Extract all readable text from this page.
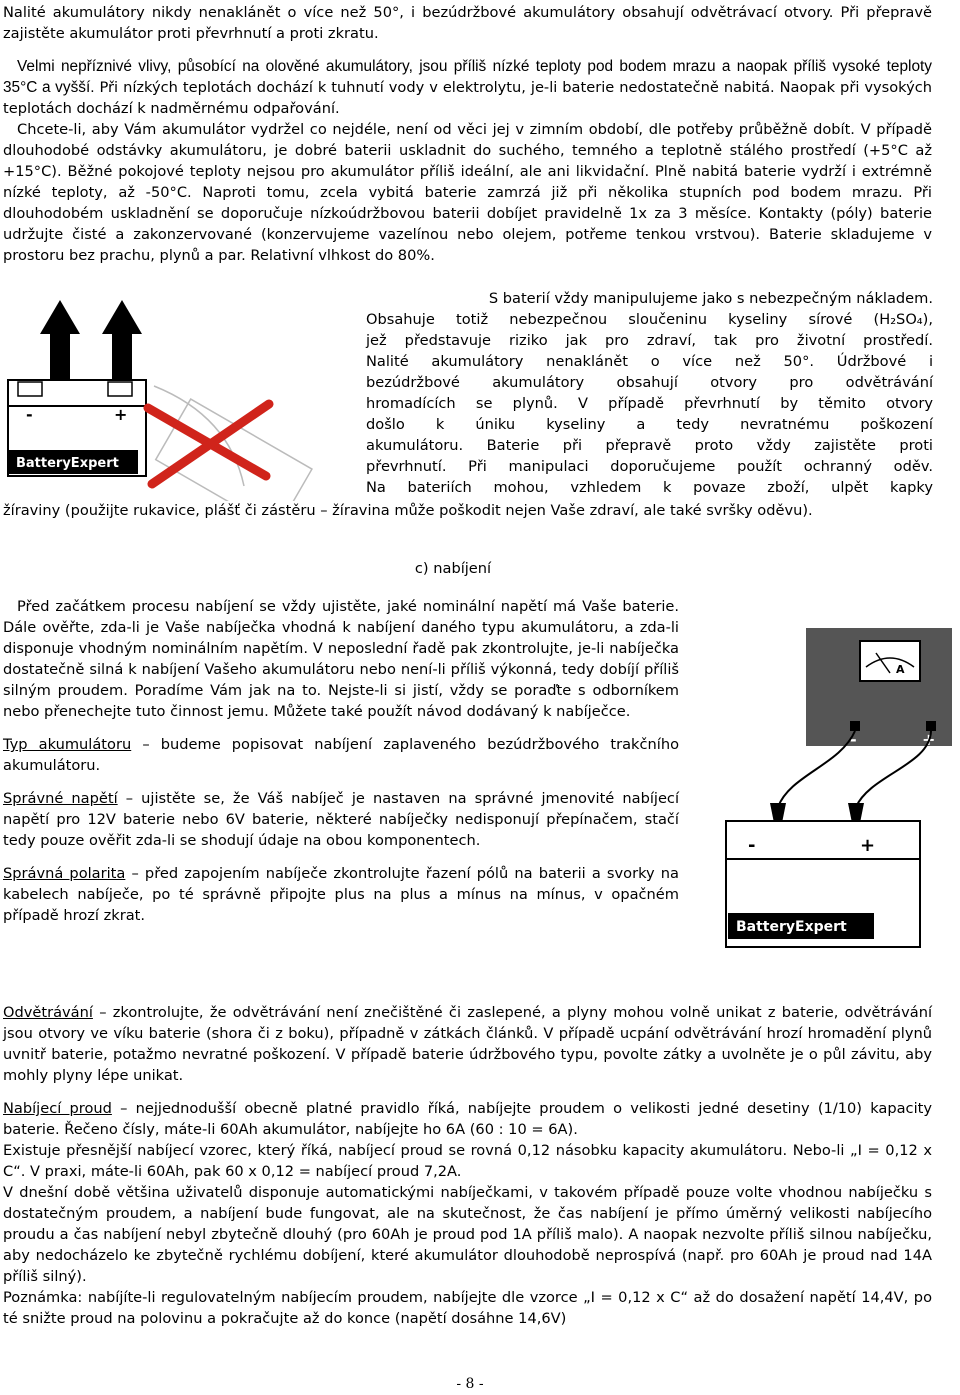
Nalité akumulátory nikdy nenaklánět o více než 50°, i bezúdržbové akumulátory obsahují odvětrávací otvory. Při přepravě zajistěte akumulátor proti převrhnutí a proti zkratu.

Velmi nepříznivé vlivy, působící na olověné akumulátory, jsou příliš nízké teploty pod bodem mrazu a naopak příliš vysoké teploty 35°C a vyšší. Při nízkých teplotách dochází k tuhnutí vody v elektrolytu, je-li baterie nedostatečně nabitá. Naopak při vysokých teplotách dochází k nadměrnému odpařování.

Chcete-li, aby Vám akumulátor vydržel co nejdéle, není od věci jej v zimním období, dle potřeby průběžně dobít. V případě dlouhodobé odstávky akumulátoru, je dobré baterii uskladnit do suchého, temného a teplotně stálého prostředí (+5°C až +15°C). Běžné pokojové teploty nejsou pro akumulátor příliš ideální, ale ani likvidační. Plně nabitá baterie vydrží i extrémně nízké teploty, až -50°C. Naproti tomu, zcela vybitá baterie zamrzá již při několika stupních pod bodem mrazu. Při dlouhodobém uskladnění se doporučuje nízkoúdržbovou baterii dobíjet pravidelně 1x za 3 měsíce. Kontakty (póly) baterie udržujte čisté a zakonzervované (konzervujeme vazelínou nebo olejem, potřeme tenkou vrstvou). Baterie skladujeme v prostoru bez prachu, plynů a par. Relativní vlhkost do 80%.

-	+
BatteryExpert
S baterií vždy manipulujeme jako s nebezpečným nákladem.
Obsahuje totiž nebezpečnou sloučeninu kyseliny sírové (H₂SO₄),
jež představuje riziko jak pro zdraví, tak pro životní prostředí.
Nalité akumulátory nenaklánět o více než 50°. Údržbové i
bezúdržbové akumulátory obsahují otvory pro odvětrávání
hromadících se plynů. V případě převrhnutí by těmito otvory
došlo k úniku kyseliny a tedy nevratnému poškození
akumulátoru. Baterie při přepravě proto vždy zajistěte proti
převrhnutí. Při manipulaci doporučujeme použít ochranný oděv.
Na bateriích mohou, vzhledem k povaze zboží, ulpět kapky
žíraviny (použijte rukavice, plášť či zástěru – žíravina může poškodit nejen Vaše zdraví, ale také svršky oděvu).
c) nabíjení

Před začátkem procesu nabíjení se vždy ujistěte, jaké nominální napětí má Vaše baterie. Dále ověřte, zda-li je Vaše nabíječka vhodná k nabíjení daného typu akumulátoru, a zda-li disponuje vhodným nominálním napětím. V neposlední řadě pak zkontrolujte, je-li nabíječka dostatečně silná k nabíjení Vašeho akumulátoru nebo není-li příliš výkonná, tedy dobíjí příliš silným proudem. Poradíme Vám jak na to. Nejste-li si jistí, vždy se poraďte s odborníkem nebo přenechejte tuto činnost jemu. Můžete také použít návod dodávaný k nabíječce.

Typ akumulátoru – budeme popisovat nabíjení zaplaveného bezúdržbového trakčního akumulátoru.

Správné napětí – ujistěte se, že Váš nabíječ je nastaven na správné jmenovité nabíjecí napětí pro 12V baterie nebo 6V baterie, některé nabíječky nedisponují přepínačem, stačí tedy pouze ověřit zda-li se shodují údaje na obou komponentech.

Správná polarita – před zapojením nabíječe zkontrolujte řazení pólů na baterii a svorky na kabelech nabíječe, po té správně připojte plus na plus a mínus na mínus, v opačném případě hrozí zkrat.

A
-	+
-	+
BatteryExpert

Odvětrávání – zkontrolujte, že odvětrávání není znečištěné či zaslepené, a plyny mohou volně unikat z baterie, odvětrávání jsou otvory ve víku baterie (shora či z boku), případně v zátkách článků. V případě ucpání odvětrávání hrozí hromadění plynů uvnitř baterie, potažmo nevratné poškození. V případě baterie údržbového typu, povolte zátky a uvolněte je o půl závitu, aby mohly plyny lépe unikat.

Nabíjecí proud – nejjednodušší obecně platné pravidlo říká, nabíjejte proudem o velikosti jedné desetiny (1/10) kapacity baterie. Řečeno čísly, máte-li 60Ah akumulátor, nabíjejte ho 6A (60 : 10 = 6A).

Existuje přesnější nabíjecí vzorec, který říká, nabíjecí proud se rovná 0,12 násobku kapacity akumulátoru. Nebo-li „I = 0,12 x C“. V praxi, máte-li 60Ah, pak 60 x 0,12 = nabíjecí proud 7,2A.

V dnešní době většina uživatelů disponuje automatickými nabíječkami, v takovém případě pouze volte vhodnou nabíječku s dostatečným proudem, a nabíjení bude fungovat, ale na skutečnost, že čas nabíjení je přímo úměrný velikosti nabíjecího proudu a čas nabíjení nebyl zbytečně dlouhý (pro 60Ah je proud pod 1A příliš malo). A naopak nezvolte příliš silnou nabíječku, aby nedocházelo ke zbytečně rychlému dobíjení, které akumulátor dlouhodobě neprospívá (např. pro 60Ah je proud nad 14A příliš silný).

Poznámka: nabíjíte-li regulovatelným nabíjecím proudem, nabíjejte dle vzorce „I = 0,12 x C“ až do dosažení napětí 14,4V, po té snižte proud na polovinu a pokračujte až do konce (napětí dosáhne 14,6V)

- 8 -
